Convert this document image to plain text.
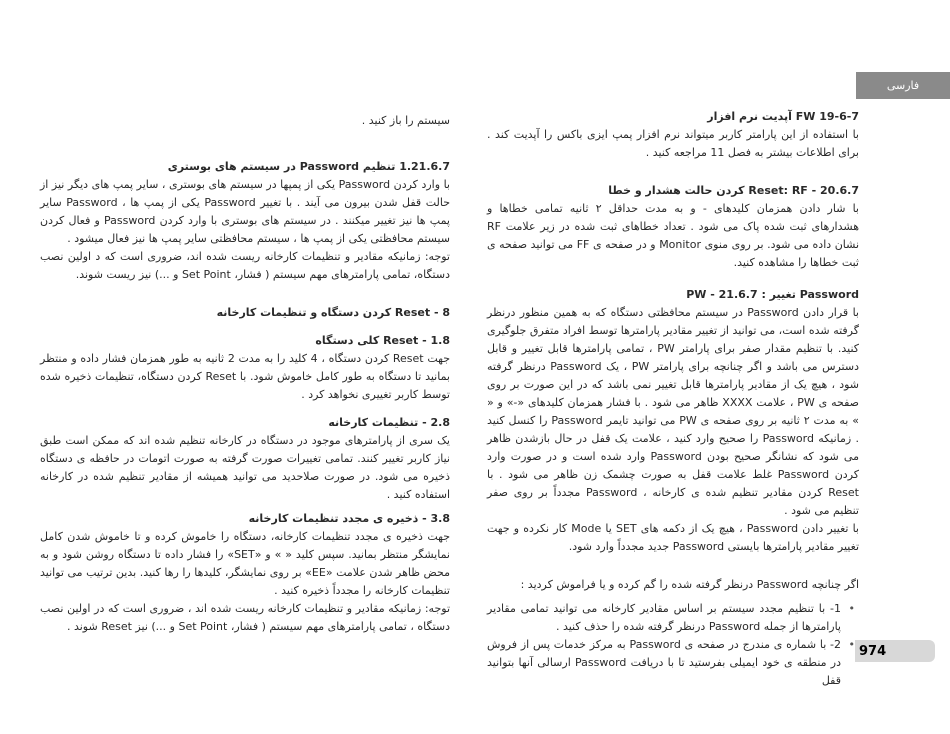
فارسی

سیستم را باز کنید .

1.21.6.7 تنظیم Password در سیستم های بوستری

با وارد کردن Password یکی از پمپها در سیستم های بوستری ، سایر پمپ های دیگر نیز از حالت قفل شدن بیرون می آیند . با تغییر Password یکی از پمپ ها ، Password سایر پمپ ها نیز تغییر میکنند . در سیستم های بوستری با وارد کردن Password و فعال کردن سیستم محافظتی یکی از پمپ ها ، سیستم محافظتی سایر پمپ ها نیز فعال میشود .

توجه: زمانیکه مقادیر و تنظیمات کارخانه ریست شده اند، ضروری است که د اولین نصب دستگاه، تمامی پارامترهای مهم سیستم ( فشار، Set Point و ...) نیز ریست شوند.

Reset - 8 کردن دستگاه و تنظیمات کارخانه

Reset - 1.8 کلی دستگاه

جهت Reset کردن دستگاه ، 4 کلید را به مدت 2 ثانیه به طور همزمان فشار داده و منتظر بمانید تا دستگاه به طور کامل خاموش شود. با Reset کردن دستگاه، تنظیمات ذخیره شده توسط کاربر تغییری نخواهد کرد .

2.8 - تنظیمات کارخانه

یک سری از پارامترهای موجود در دستگاه در کارخانه تنظیم شده اند که ممکن است طبق نیاز کاربر تغییر کنند. تمامی تغییرات صورت گرفته به صورت اتومات در حافظه ی دستگاه ذخیره می شود. در صورت صلاحدید می توانید همیشه از مقادیر تنظیم شده در کارخانه استفاده کنید .

3.8 - ذخیره ی مجدد تنظیمات کارخانه

جهت ذخیره ی مجدد تنظیمات کارخانه، دستگاه را خاموش کرده و تا خاموش شدن کامل نمایشگر منتظر بمانید. سپس کلید « » و «SET» را فشار داده تا دستگاه روشن شود و به محض ظاهر شدن علامت «EE» بر روی نمایشگر، کلیدها را رها کنید. بدین ترتیب می توانید تنظیمات کارخانه را مجدداً ذخیره کنید .

توجه: زمانیکه مقادیر و تنظیمات کارخانه ریست شده اند ، ضروری است که در اولین نصب دستگاه ، تمامی پارامترهای مهم سیستم ( فشار، Set Point و ...) نیز Reset شوند .

FW 19-6-7 آپدیت نرم افزار

با استفاده از این پارامتر کاربر میتواند نرم افزار پمپ ایزی باکس را آپدیت کند . برای اطلاعات بیشتر به فصل 11 مراجعه کنید .

Reset: RF - 20.6.7 کردن حالت هشدار و خطا

با شار دادن همزمان کلیدهای - و به مدت حداقل ۲ ثانیه تمامی خطاها و هشدارهای ثبت شده پاک می شود . تعداد خطاهای ثبت شده در زیر علامت RF نشان داده می شود. بر روی منوی Monitor و در صفحه ی FF می توانید صفحه ی ثبت خطاها را مشاهده کنید.

Password تغییر : PW - 21.6.7

با قرار دادن Password در سیستم محافظتی دستگاه که به همین منظور درنظر گرفته شده است، می توانید از تغییر مقادیر پارامترها توسط افراد متفرق جلوگیری کنید. با تنظیم مقدار صفر برای پارامتر PW ، تمامی پارامترها قابل تغییر و قابل دسترس می باشد و اگر چنانچه برای پارامتر PW ، یک Password درنظر گرفته شود ، هیچ یک از مقادیر پارامترها قابل تغییر نمی باشد که در این صورت بر روی صفحه ی PW ، علامت XXXX ظاهر می شود . با فشار همزمان کلیدهای «-» و « » به مدت ۲ ثانیه بر روی صفحه ی PW می توانید تایمر Password را کنسل کنید . زمانیکه Password را صحیح وارد کنید ، علامت یک قفل در حال بازشدن ظاهر می شود که نشانگر صحیح بودن Password وارد شده است و در صورت وارد کردن Password غلط علامت قفل به صورت چشمک زن ظاهر می شود . با Reset کردن مقادیر تنظیم شده ی کارخانه ، Password مجدداً بر روی صفر تنظیم می شود .

با تغییر دادن Password ، هیچ یک از دکمه های SET یا Mode کار نکرده و جهت تغییر مقادیر پارامترها بایستی Password جدید مجدداً وارد شود.

اگر چنانچه Password درنظر گرفته شده را گم کرده و یا فراموش کردید :

• 1- با تنظیم مجدد سیستم بر اساس مقادیر کارخانه می توانید تمامی مقادیر پارامترها از جمله Password درنظر گرفته شده را حذف کنید .
• 2- با شماره ی مندرج در صفحه ی Password به مرکز خدمات پس از فروش در منطقه ی خود ایمیلی بفرستید تا با دریافت Password ارسالی آنها بتوانید قفل
974
